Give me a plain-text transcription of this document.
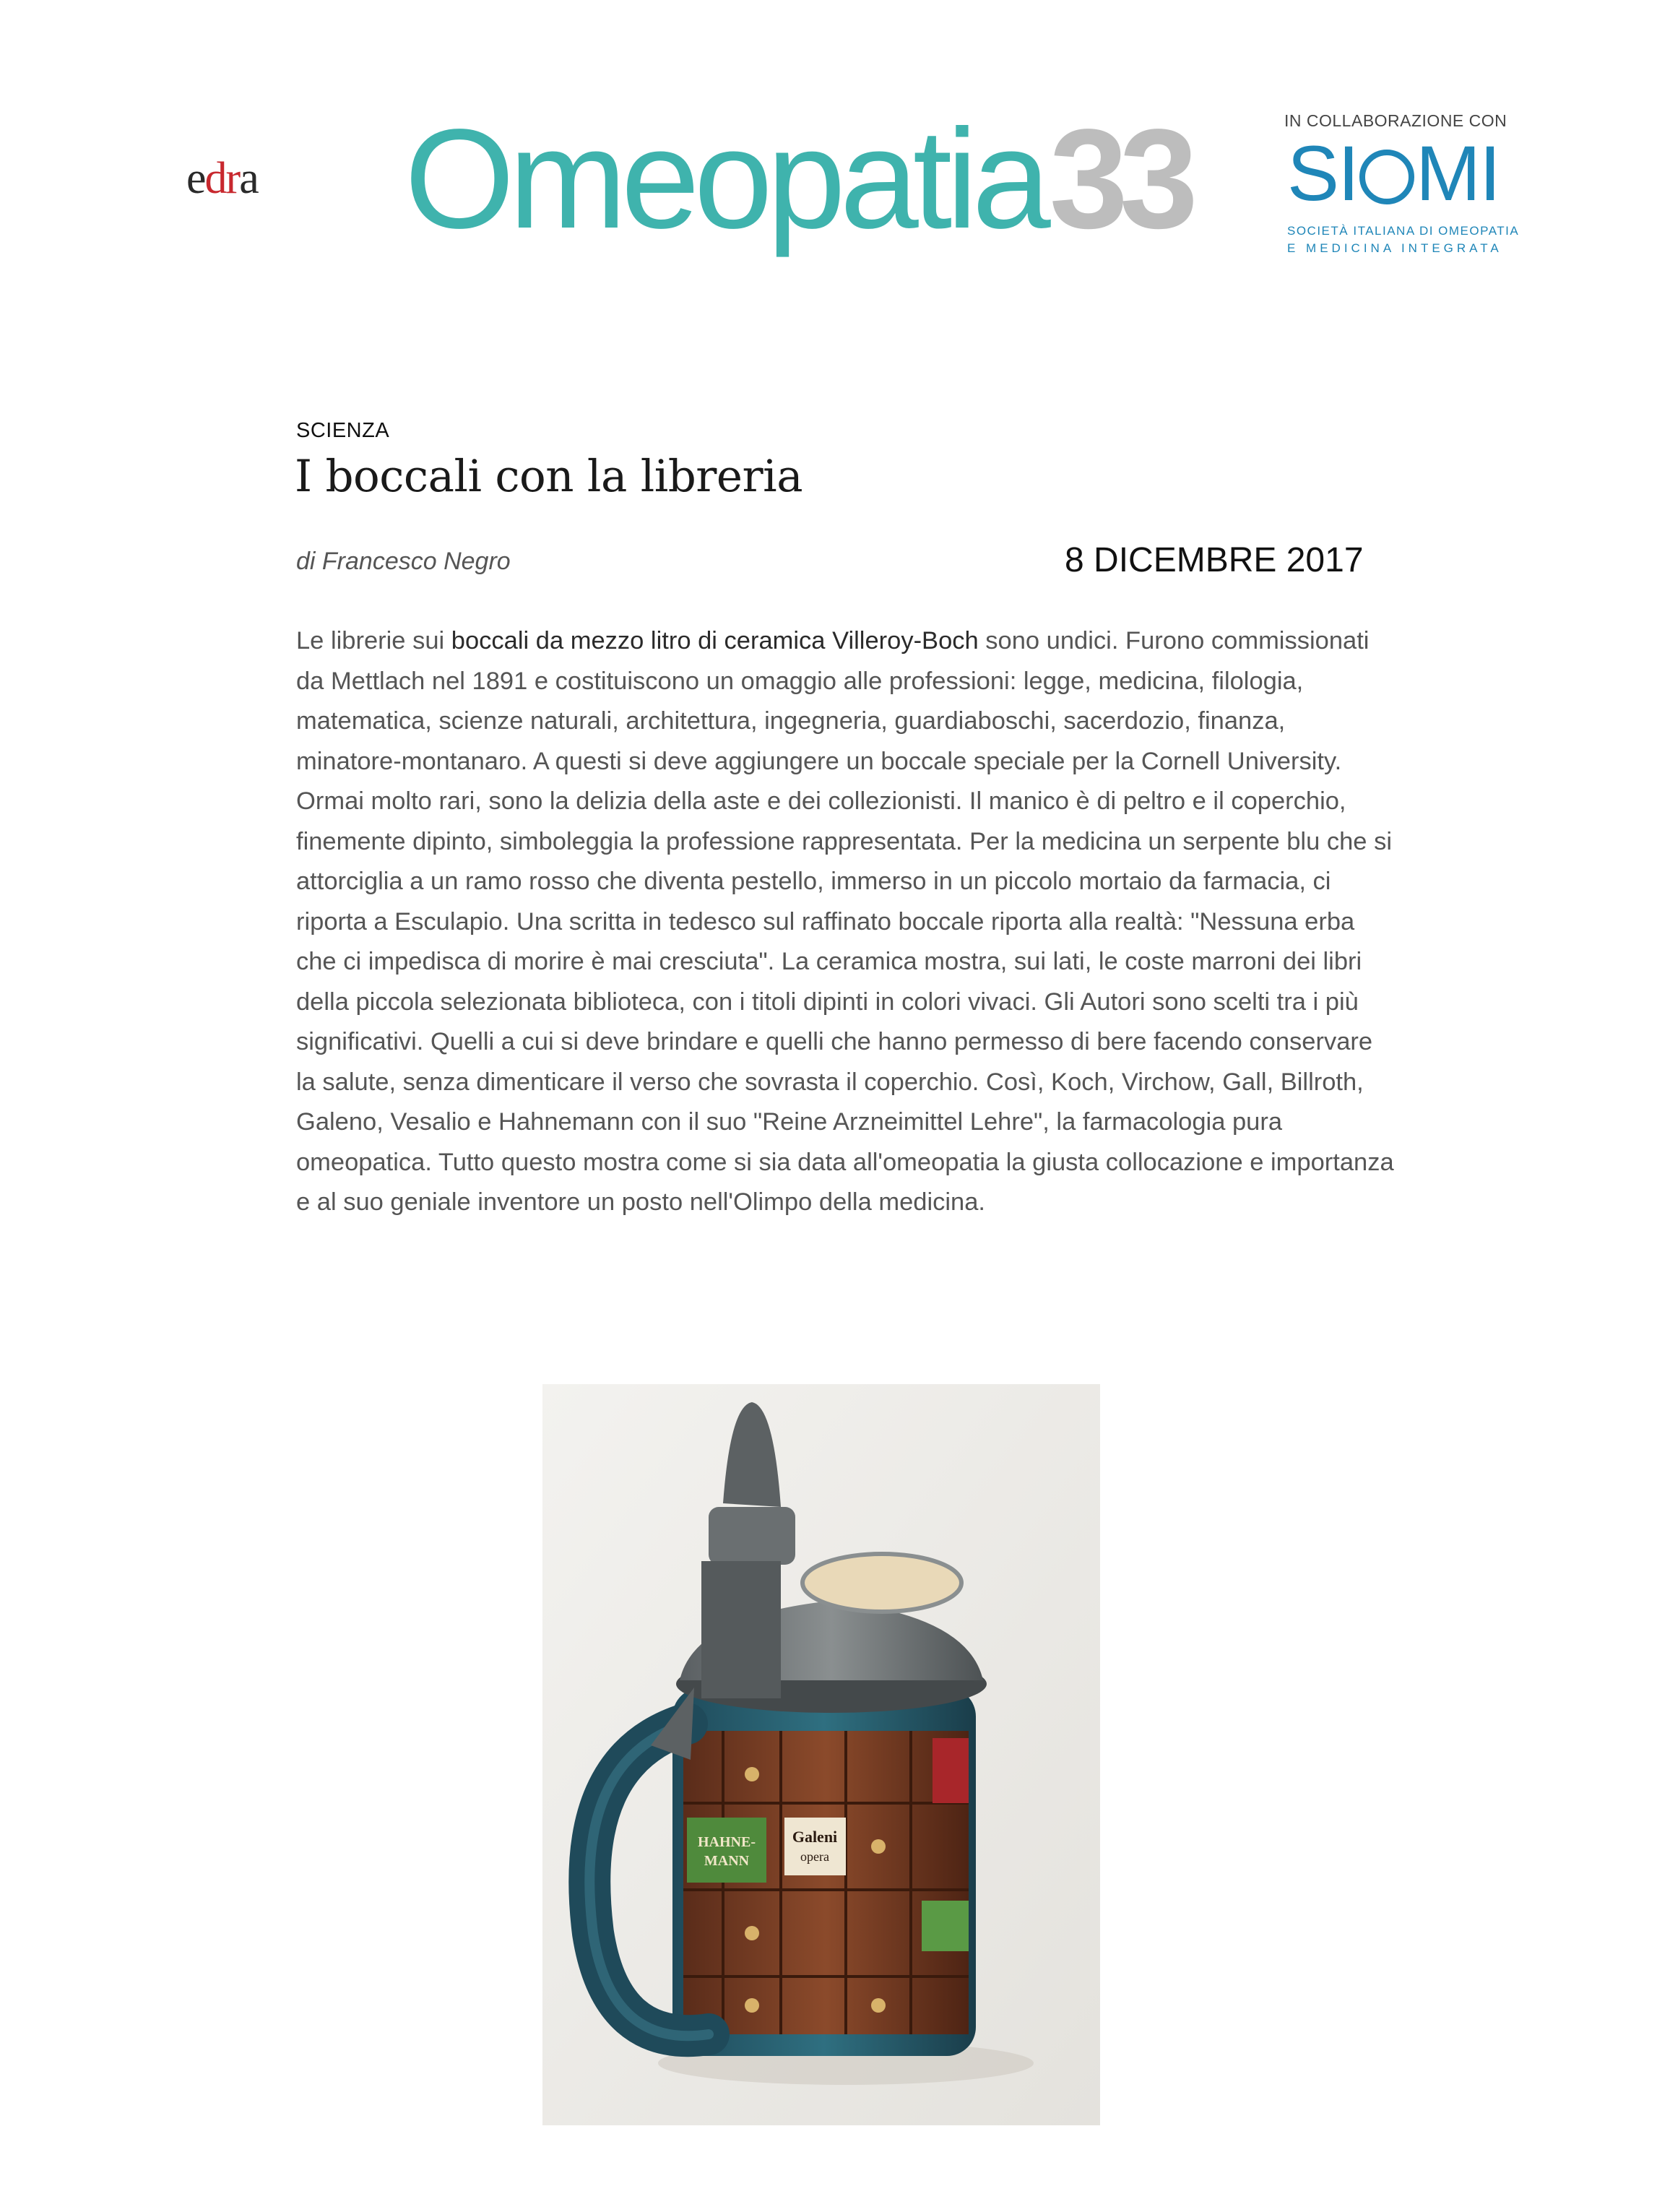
edra Omeopatia33	IN COLLABORAZIONE CON
SI MI
SOCIETÀ ITALIANA DI OMEOPATIA
E MEDICINA INTEGRATA
SCIENZA
I boccali con la libreria
di Francesco Negro	8 DICEMBRE 2017

Le librerie sui boccali da mezzo litro di ceramica Villeroy-Boch sono undici. Furono commissionati da Mettlach nel 1891 e costituiscono un omaggio alle professioni: legge, medicina, filologia, matematica, scienze naturali, architettura, ingegneria, guardiaboschi, sacerdozio, finanza, minatore-montanaro. A questi si deve aggiungere un boccale speciale per la Cornell University. Ormai molto rari, sono la delizia della aste e dei collezionisti. Il manico è di peltro e il coperchio, finemente dipinto, simboleggia la professione rappresentata. Per la medicina un serpente blu che si attorciglia a un ramo rosso che diventa pestello, immerso in un piccolo mortaio da farmacia, ci riporta a Esculapio. Una scritta in tedesco sul raffinato boccale riporta alla realtà: "Nessuna erba che ci impedisca di morire è mai cresciuta". La ceramica mostra, sui lati, le coste marroni dei libri della piccola selezionata biblioteca, con i titoli dipinti in colori vivaci. Gli Autori sono scelti tra i più significativi. Quelli a cui si deve brindare e quelli che hanno permesso di bere facendo conservare la salute, senza dimenticare il verso che sovrasta il coperchio. Così, Koch, Virchow, Gall, Billroth, Galeno, Vesalio e Hahnemann con il suo "Reine Arzneimittel Lehre", la farmacologia pura omeopatica. Tutto questo mostra come si sia data all'omeopatia la giusta collocazione e importanza e al suo geniale inventore un posto nell'Olimpo della medicina.

HAHNE-
MANN
Galeni
opera
